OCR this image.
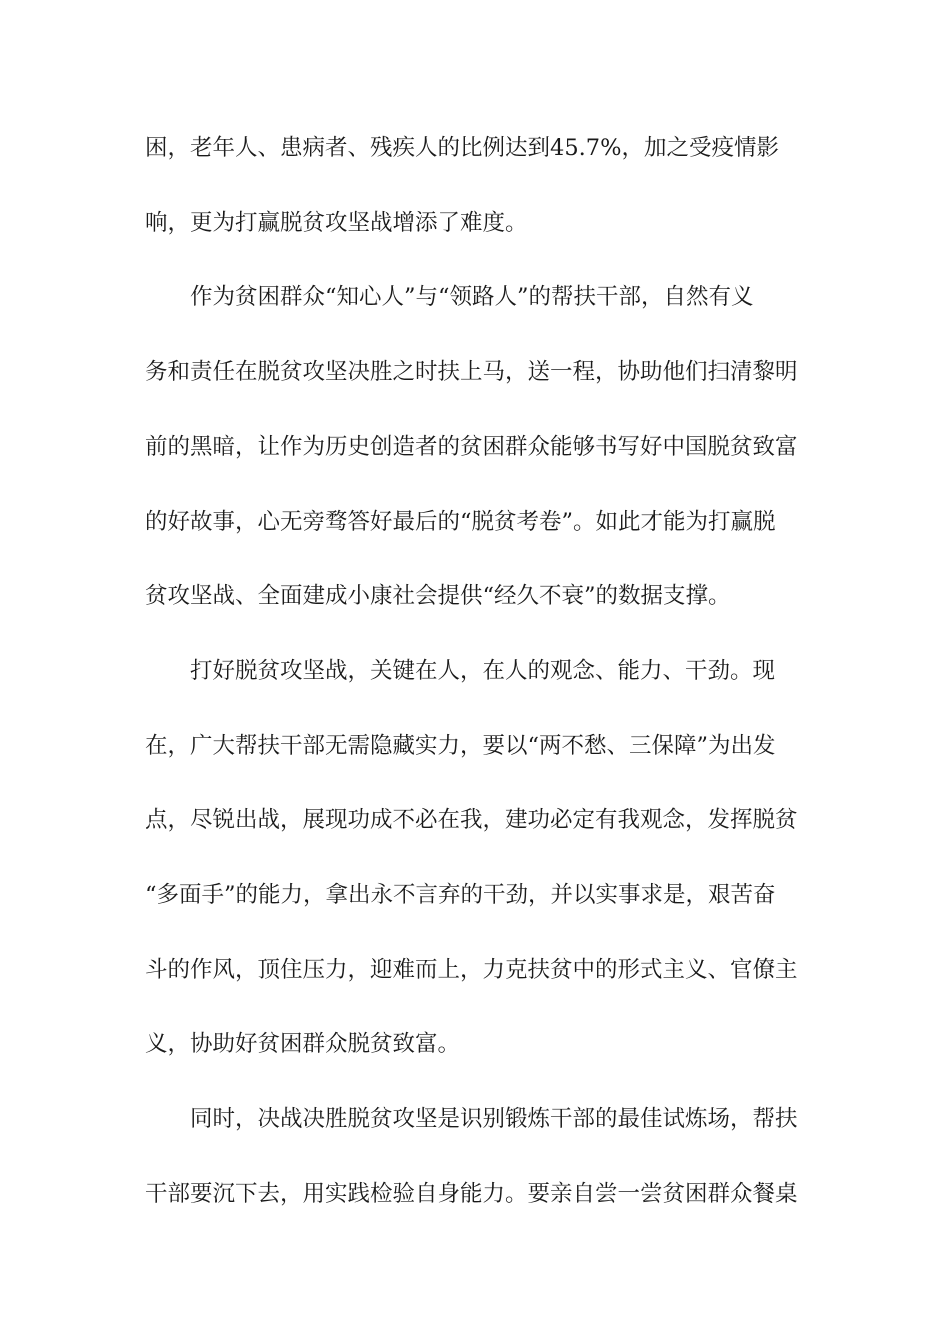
困，老年人、患病者、残疾人的比例达到45.7%，加之受疫情影
响，更为打赢脱贫攻坚战增添了难度。
作为贫困群众“知心人”与“领路人”的帮扶干部，自然有义
务和责任在脱贫攻坚决胜之时扶上马，送一程，协助他们扫清黎明
前的黑暗，让作为历史创造者的贫困群众能够书写好中国脱贫致富
的好故事，心无旁骛答好最后的“脱贫考卷”。如此才能为打赢脱
贫攻坚战、全面建成小康社会提供“经久不衰”的数据支撑。
打好脱贫攻坚战，关键在人，在人的观念、能力、干劲。现
在，广大帮扶干部无需隐藏实力，要以“两不愁、三保障”为出发
点，尽锐出战，展现功成不必在我，建功必定有我观念，发挥脱贫
“多面手”的能力，拿出永不言弃的干劲，并以实事求是，艰苦奋
斗的作风，顶住压力，迎难而上，力克扶贫中的形式主义、官僚主
义，协助好贫困群众脱贫致富。
同时，决战决胜脱贫攻坚是识别锻炼干部的最佳试炼场，帮扶
干部要沉下去，用实践检验自身能力。要亲自尝一尝贫困群众餐桌
